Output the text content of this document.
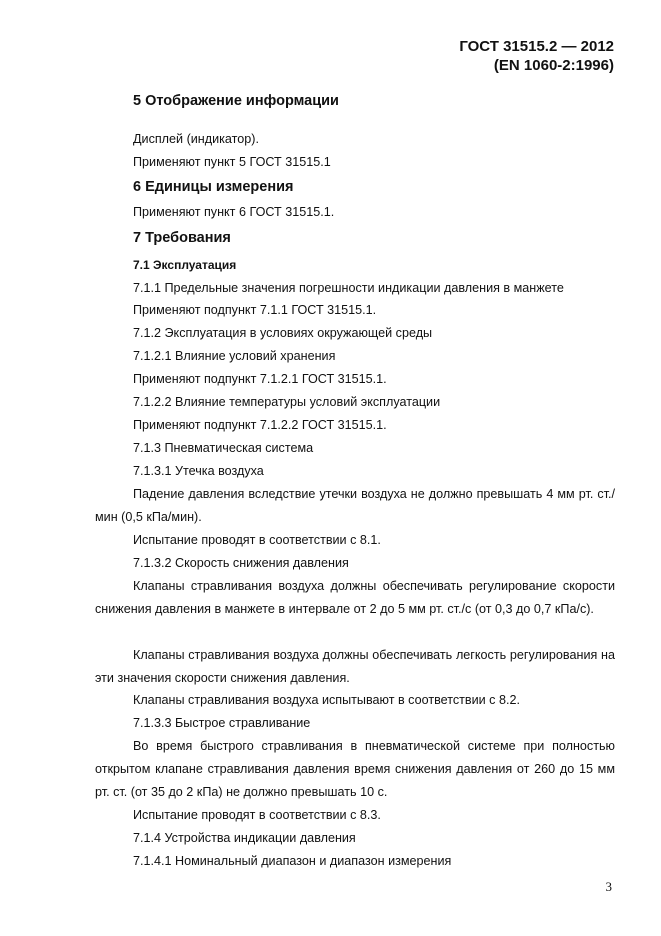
ГОСТ 31515.2 — 2012
(EN 1060-2:1996)
5 Отображение информации

Дисплей (индикатор).

Применяют пункт 5 ГОСТ 31515.1

6 Единицы измерения

Применяют пункт 6 ГОСТ 31515.1.

7 Требования
7.1 Эксплуатация

7.1.1 Предельные значения погрешности индикации давления в манжете

Применяют подпункт 7.1.1 ГОСТ 31515.1.

7.1.2 Эксплуатация в условиях окружающей среды

7.1.2.1 Влияние условий хранения

Применяют подпункт 7.1.2.1 ГОСТ 31515.1.

7.1.2.2 Влияние температуры условий эксплуатации

Применяют подпункт 7.1.2.2 ГОСТ 31515.1.

7.1.3 Пневматическая система

7.1.3.1 Утечка воздуха

Падение давления вследствие утечки воздуха не должно превышать 4 мм рт. ст./мин (0,5 кПа/мин).

Испытание проводят в соответствии с 8.1.

7.1.3.2 Скорость снижения давления

Клапаны стравливания воздуха должны обеспечивать регулирование скорости снижения давления в манжете в интервале от 2 до 5 мм рт. ст./с (от 0,3 до 0,7 кПа/с).

Клапаны стравливания воздуха должны обеспечивать легкость регулирования на эти значения скорости снижения давления.

Клапаны стравливания воздуха испытывают в соответствии с 8.2.

7.1.3.3 Быстрое стравливание

Во время быстрого стравливания в пневматической системе при полностью открытом клапане стравливания давления время снижения давления от 260 до 15 мм рт. ст. (от 35 до 2 кПа) не должно превышать 10 с.

Испытание проводят в соответствии с 8.3.

7.1.4 Устройства индикации давления

7.1.4.1 Номинальный диапазон и диапазон измерения

3
